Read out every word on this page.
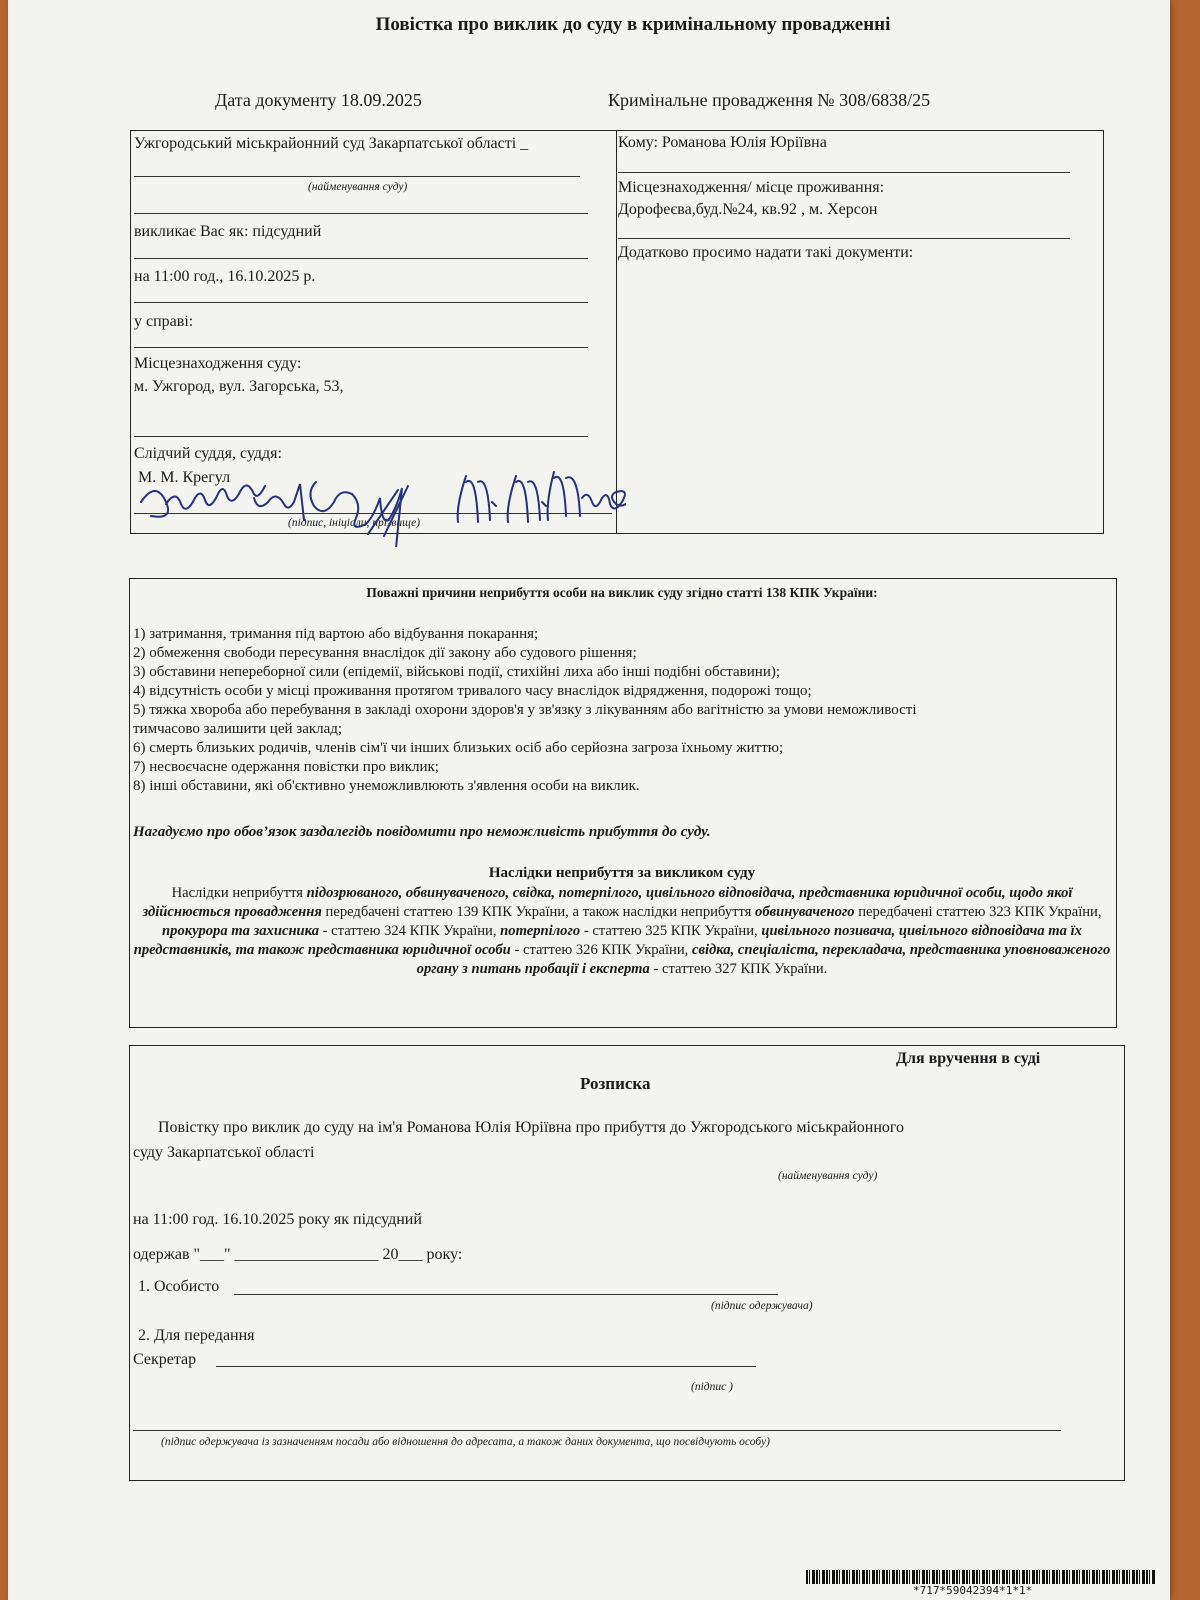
Повістка про виклик до суду в кримінальному провадженні
Дата документу 18.09.2025	Кримінальне провадження № 308/6838/25
Ужгородський міськрайонний суд Закарпатської області _
(найменування суду)
викликає Вас як: підсудний
на 11:00 год., 16.10.2025 р.
у справі:
Місцезнаходження суду:
м. Ужгород, вул. Загорська, 53,
Слідчий суддя, суддя:
М. М. Крегул
(підпис, ініціали, прізвище)
Кому: Романова Юлія Юріївна
Місцезнаходження/ місце проживання:
Дорофеєва,буд.№24, кв.92 , м. Херсон
Додатково просимо надати такі документи:
Поважні причини неприбуття особи на виклик суду згідно статті 138 КПК України:
1) затримання, тримання під вартою або відбування покарання;
2) обмеження свободи пересування внаслідок дії закону або судового рішення;
3) обставини непереборної сили (епідемії, військові події, стихійні лиха або інші подібні обставини);
4) відсутність особи у місці проживання протягом тривалого часу внаслідок відрядження, подорожі тощо;
5) тяжка хвороба або перебування в закладі охорони здоров'я у зв'язку з лікуванням або вагітністю за умови неможливості
тимчасово залишити цей заклад;
6) смерть близьких родичів, членів сім'ї чи інших близьких осіб або серйозна загроза їхньому життю;
7) несвоєчасне одержання повістки про виклик;
8) інші обставини, які об'єктивно унеможливлюють з'явлення особи на виклик.
Нагадуємо про обов’язок заздалегідь повідомити про неможливість прибуття до суду.
Наслідки неприбуття за викликом суду
Наслідки неприбуття підозрюваного, обвинуваченого, свідка, потерпілого, цивільного відповідача, представника юридичної особи, щодо якої здійснюється провадження передбачені статтею 139 КПК України, а також наслідки неприбуття обвинуваченого передбачені статтею 323 КПК України, прокурора та захисника - статтею 324 КПК України, потерпілого - статтею 325 КПК України, цивільного позивача, цивільного відповідача та їх представників, та також представника юридичної особи - статтею 326 КПК України, свідка, спеціаліста, перекладача, представника уповноваженого органу з питань пробації і експерта - статтею 327 КПК України.
Для вручення в суді
Розписка
Повістку про виклик до суду на ім'я Романова Юлія Юріївна про прибуття до Ужгородського міськрайонного
суду Закарпатської області
(найменування суду)
на 11:00 год. 16.10.2025 року як підсудний
одержав "___" __________________ 20___ року:
1. Особисто
(підпис одержувача)
2. Для передання
Секретар
(підпис )
(підпис одержувача із зазначенням посади або відношення до адресата, а також даних документа, що посвідчують особу)
*717*59042394*1*1*
